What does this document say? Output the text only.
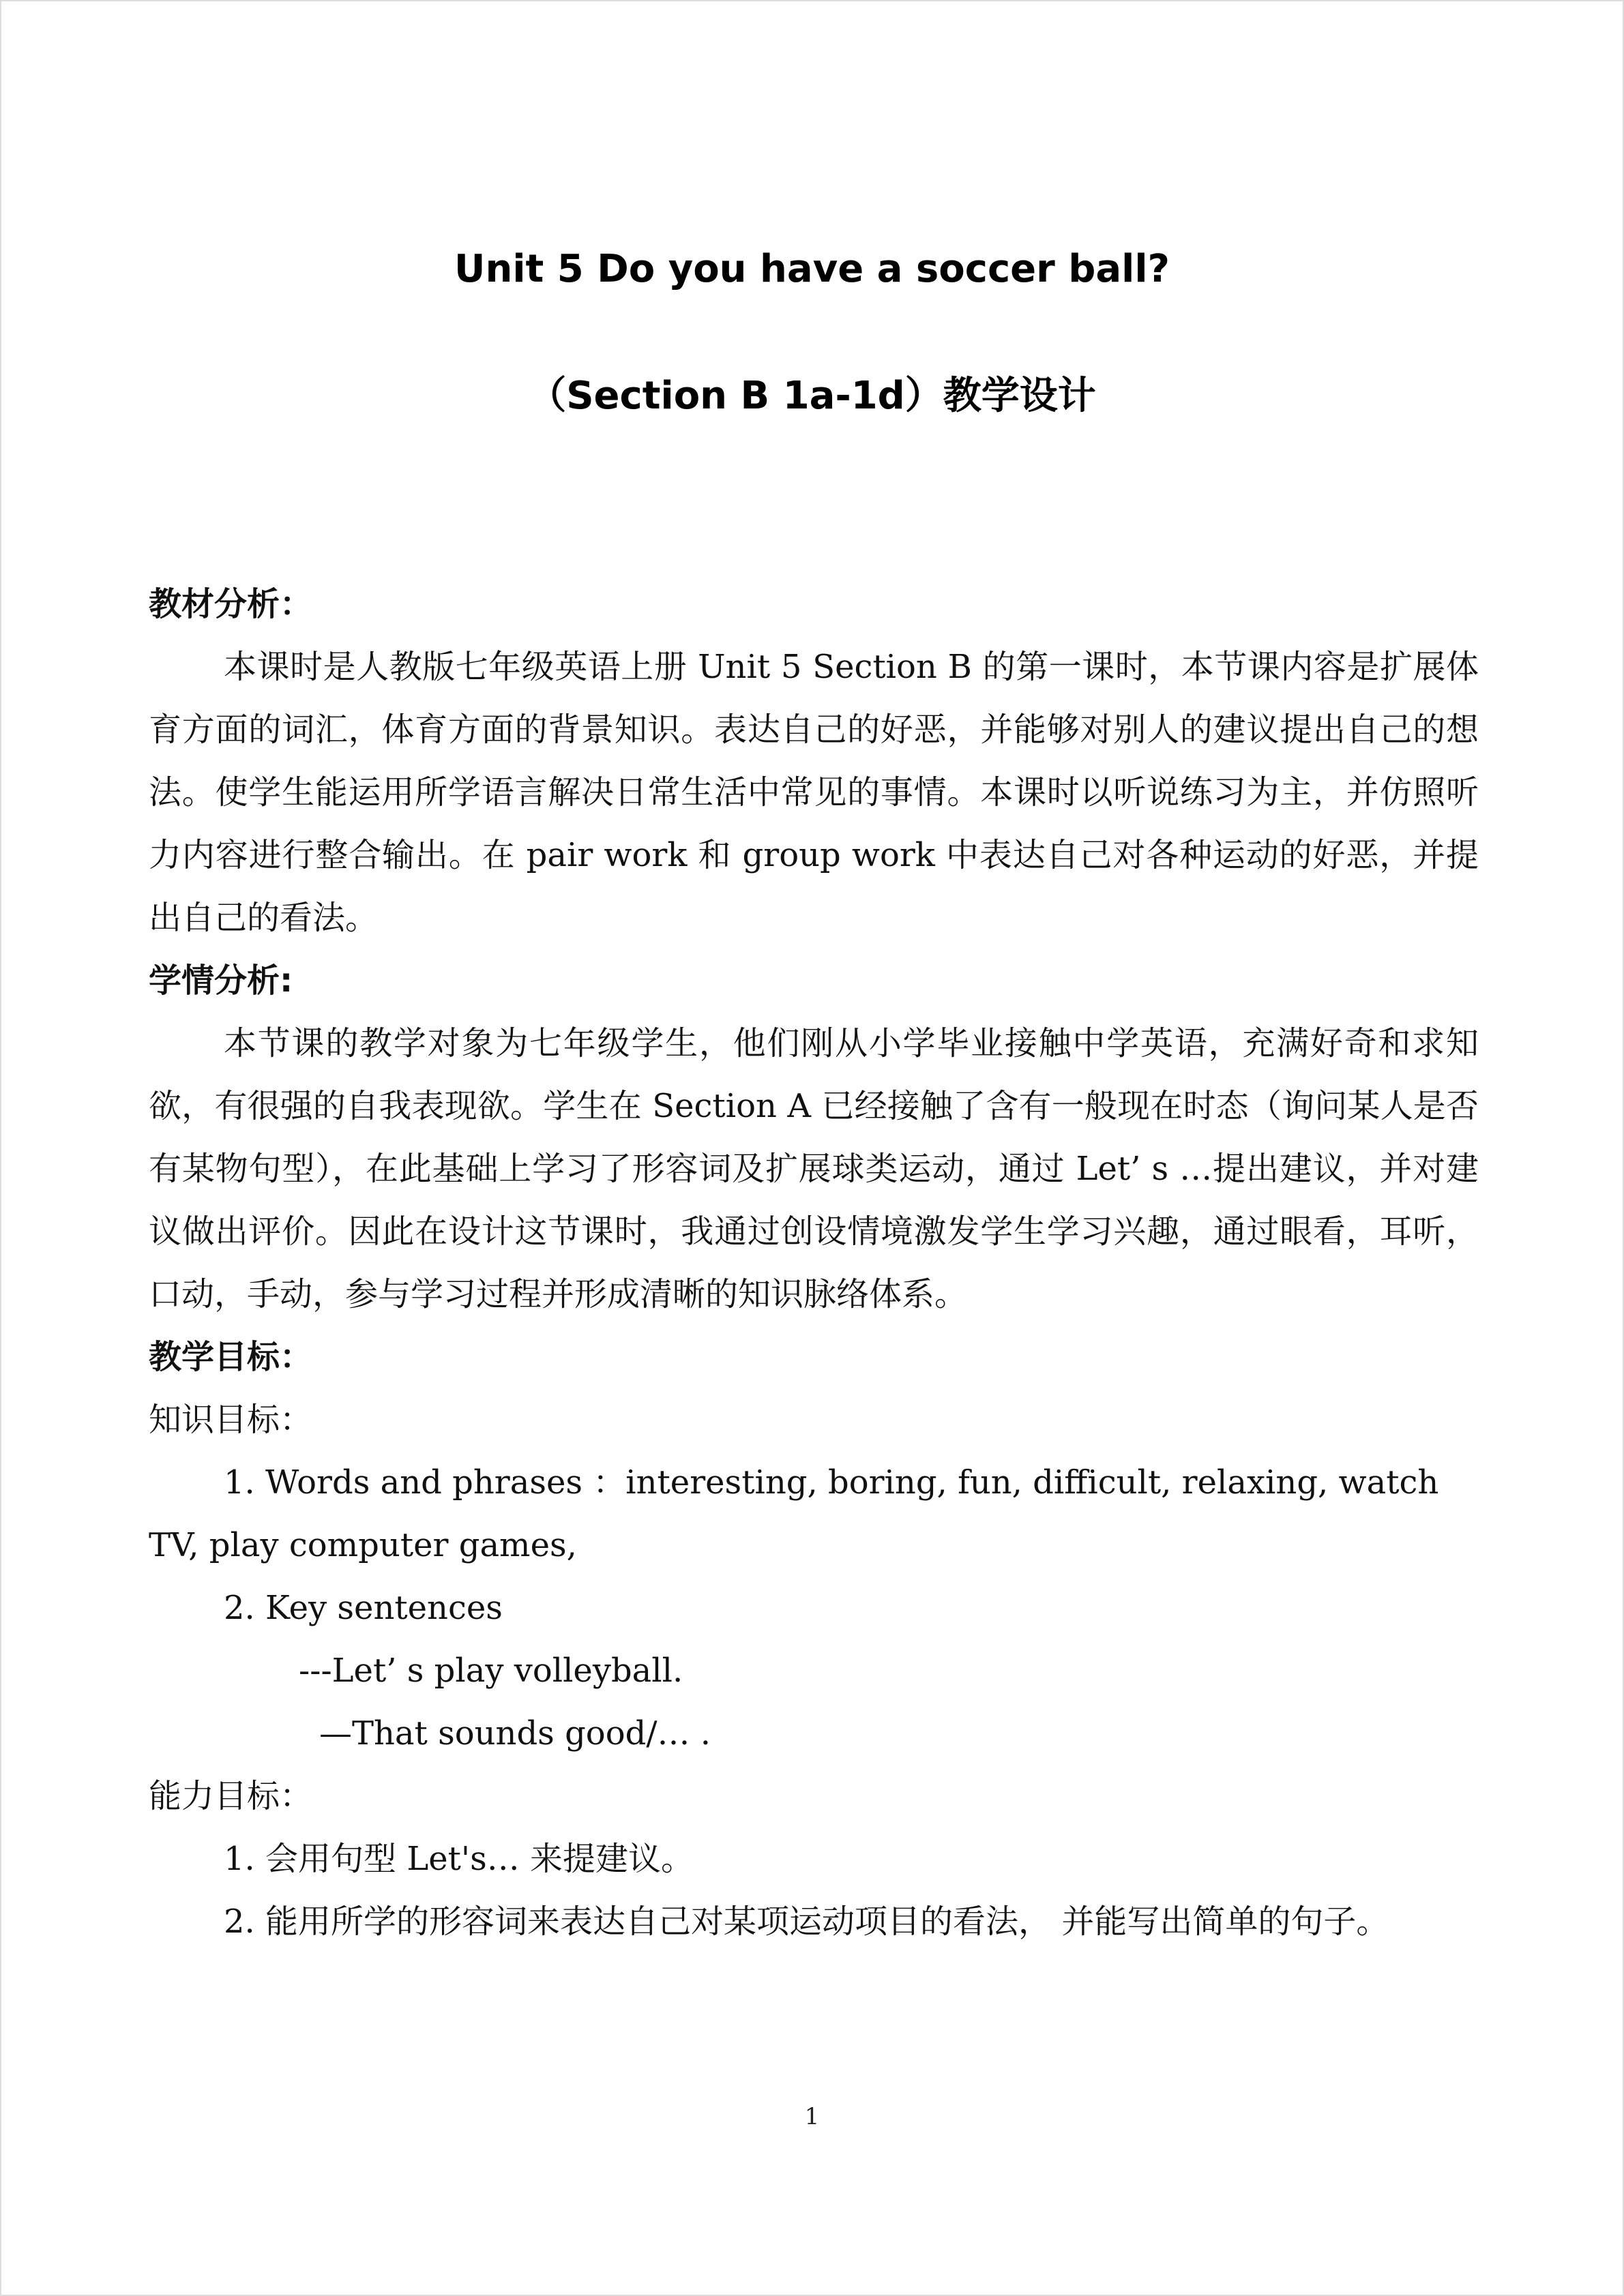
Unit 5 Do you have a soccer ball?
（Section B 1a-1d）教学设计

教材分析：

本课时是人教版七年级英语上册 Unit 5 Section B 的第一课时，本节课内容是扩展体育方面的词汇，体育方面的背景知识。表达自己的好恶，并能够对别人的建议提出自己的想法。使学生能运用所学语言解决日常生活中常见的事情。本课时以听说练习为主，并仿照听力内容进行整合输出。在 pair work 和 group work 中表达自己对各种运动的好恶，并提出自己的看法。

学情分析:

本节课的教学对象为七年级学生，他们刚从小学毕业接触中学英语，充满好奇和求知欲，有很强的自我表现欲。学生在 Section A 已经接触了含有一般现在时态（询问某人是否有某物句型），在此基础上学习了形容词及扩展球类运动，通过 Let’ s …提出建议，并对建议做出评价。因此在设计这节课时，我通过创设情境激发学生学习兴趣，通过眼看，耳听，口动，手动，参与学习过程并形成清晰的知识脉络体系。

教学目标：

知识目标：

1. Words and phrases ：interesting, boring, fun, difficult, relaxing, watch TV, play computer games,

2. Key sentences

---Let’ s play volleyball.

—That sounds good/… .

能力目标：

1. 会用句型 Let's… 来提建议。

2. 能用所学的形容词来表达自己对某项运动项目的看法， 并能写出简单的句子。

1
